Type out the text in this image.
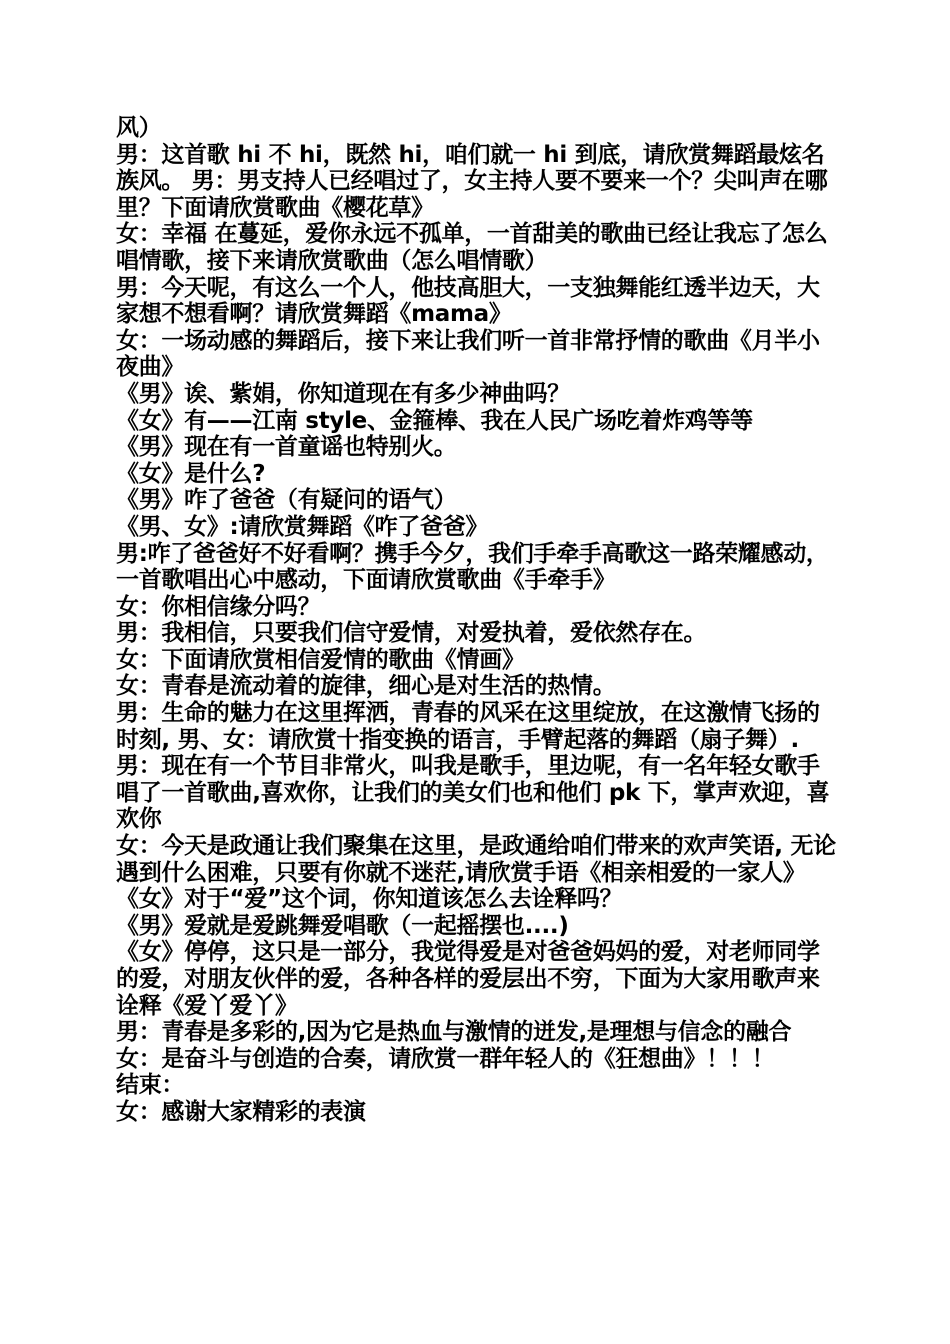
风）

男：这首歌 hi 不 hi，既然 hi，咱们就一 hi 到底，请欣赏舞蹈最炫名族风。 男：男支持人已经唱过了，女主持人要不要来一个？尖叫声在哪里？下面请欣赏歌曲《樱花草》

女：幸福 在蔓延，爱你永远不孤单，一首甜美的歌曲已经让我忘了怎么唱情歌，接下来请欣赏歌曲（怎么唱情歌）

男：今天呢，有这么一个人，他技高胆大，一支独舞能红透半边天，大家想不想看啊？请欣赏舞蹈《mama》

女：一场动感的舞蹈后，接下来让我们听一首非常抒情的歌曲《月半小夜曲》

《男》诶、紫娟，你知道现在有多少神曲吗？

《女》有——江南 style、金箍棒、我在人民广场吃着炸鸡等等

《男》现在有一首童谣也特别火。

《女》是什么?

《男》咋了爸爸（有疑问的语气）

《男、女》:请欣赏舞蹈《咋了爸爸》

男:咋了爸爸好不好看啊？携手今夕，我们手牵手高歌这一路荣耀感动，一首歌唱出心中感动，下面请欣赏歌曲《手牵手》

女：你相信缘分吗？

男：我相信，只要我们信守爱情，对爱执着，爱依然存在。

女：下面请欣赏相信爱情的歌曲《情画》

女：青春是流动着的旋律，细心是对生活的热情。

男：生命的魅力在这里挥洒，青春的风采在这里绽放，在这激情飞扬的时刻, 男、女：请欣赏十指变换的语言，手臂起落的舞蹈（扇子舞）.

男：现在有一个节目非常火，叫我是歌手，里边呢，有一名年轻女歌手唱了一首歌曲,喜欢你，让我们的美女们也和他们 pk 下，掌声欢迎，喜欢你

女：今天是政通让我们聚集在这里，是政通给咱们带来的欢声笑语, 无论遇到什么困难，只要有你就不迷茫,请欣赏手语《相亲相爱的一家人》

《女》对于“爱”这个词，你知道该怎么去诠释吗？

《男》爱就是爱跳舞爱唱歌（一起摇摆也....)

《女》停停，这只是一部分，我觉得爱是对爸爸妈妈的爱，对老师同学的爱，对朋友伙伴的爱，各种各样的爱层出不穷，下面为大家用歌声来诠释《爱丫爱丫》

男：青春是多彩的,因为它是热血与激情的迸发,是理想与信念的融合 女：是奋斗与创造的合奏，请欣赏一群年轻人的《狂想曲》！！！

结束：

女：感谢大家精彩的表演
